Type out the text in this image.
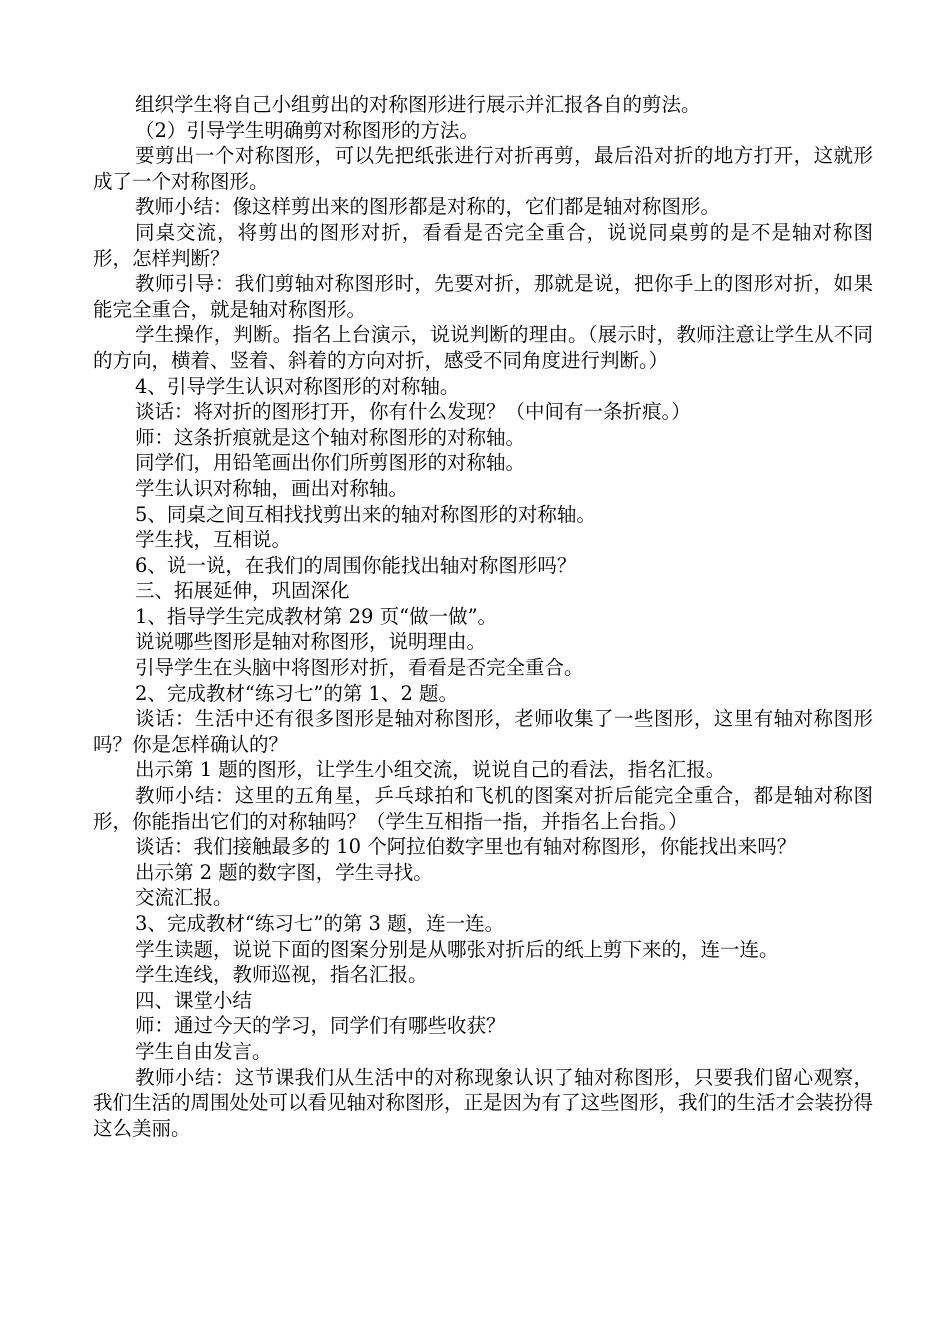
组织学生将自己小组剪出的对称图形进行展示并汇报各自的剪法。

（2）引导学生明确剪对称图形的方法。

要剪出一个对称图形，可以先把纸张进行对折再剪，最后沿对折的地方打开，这就形成了一个对称图形。

教师小结：像这样剪出来的图形都是对称的，它们都是轴对称图形。

同桌交流，将剪出的图形对折，看看是否完全重合，说说同桌剪的是不是轴对称图形，怎样判断？

教师引导：我们剪轴对称图形时，先要对折，那就是说，把你手上的图形对折，如果能完全重合，就是轴对称图形。

学生操作，判断。指名上台演示，说说判断的理由。（展示时，教师注意让学生从不同的方向，横着、竖着、斜着的方向对折，感受不同角度进行判断。）

4、引导学生认识对称图形的对称轴。

谈话：将对折的图形打开，你有什么发现？（中间有一条折痕。）

师：这条折痕就是这个轴对称图形的对称轴。

同学们，用铅笔画出你们所剪图形的对称轴。

学生认识对称轴，画出对称轴。

5、同桌之间互相找找剪出来的轴对称图形的对称轴。

学生找，互相说。

6、说一说，在我们的周围你能找出轴对称图形吗？

三、拓展延伸，巩固深化

1、指导学生完成教材第 29 页“做一做”。

说说哪些图形是轴对称图形，说明理由。

引导学生在头脑中将图形对折，看看是否完全重合。

2、完成教材“练习七”的第 1、2 题。

谈话：生活中还有很多图形是轴对称图形，老师收集了一些图形，这里有轴对称图形吗？你是怎样确认的？

出示第 1 题的图形，让学生小组交流，说说自己的看法，指名汇报。

教师小结：这里的五角星，乒乓球拍和飞机的图案对折后能完全重合，都是轴对称图形，你能指出它们的对称轴吗？（学生互相指一指，并指名上台指。）

谈话：我们接触最多的 10 个阿拉伯数字里也有轴对称图形，你能找出来吗？

出示第 2 题的数字图，学生寻找。

交流汇报。

3、完成教材“练习七”的第 3 题，连一连。

学生读题，说说下面的图案分别是从哪张对折后的纸上剪下来的，连一连。

学生连线，教师巡视，指名汇报。

四、课堂小结

师：通过今天的学习，同学们有哪些收获？

学生自由发言。

教师小结：这节课我们从生活中的对称现象认识了轴对称图形，只要我们留心观察，我们生活的周围处处可以看见轴对称图形，正是因为有了这些图形，我们的生活才会装扮得这么美丽。
